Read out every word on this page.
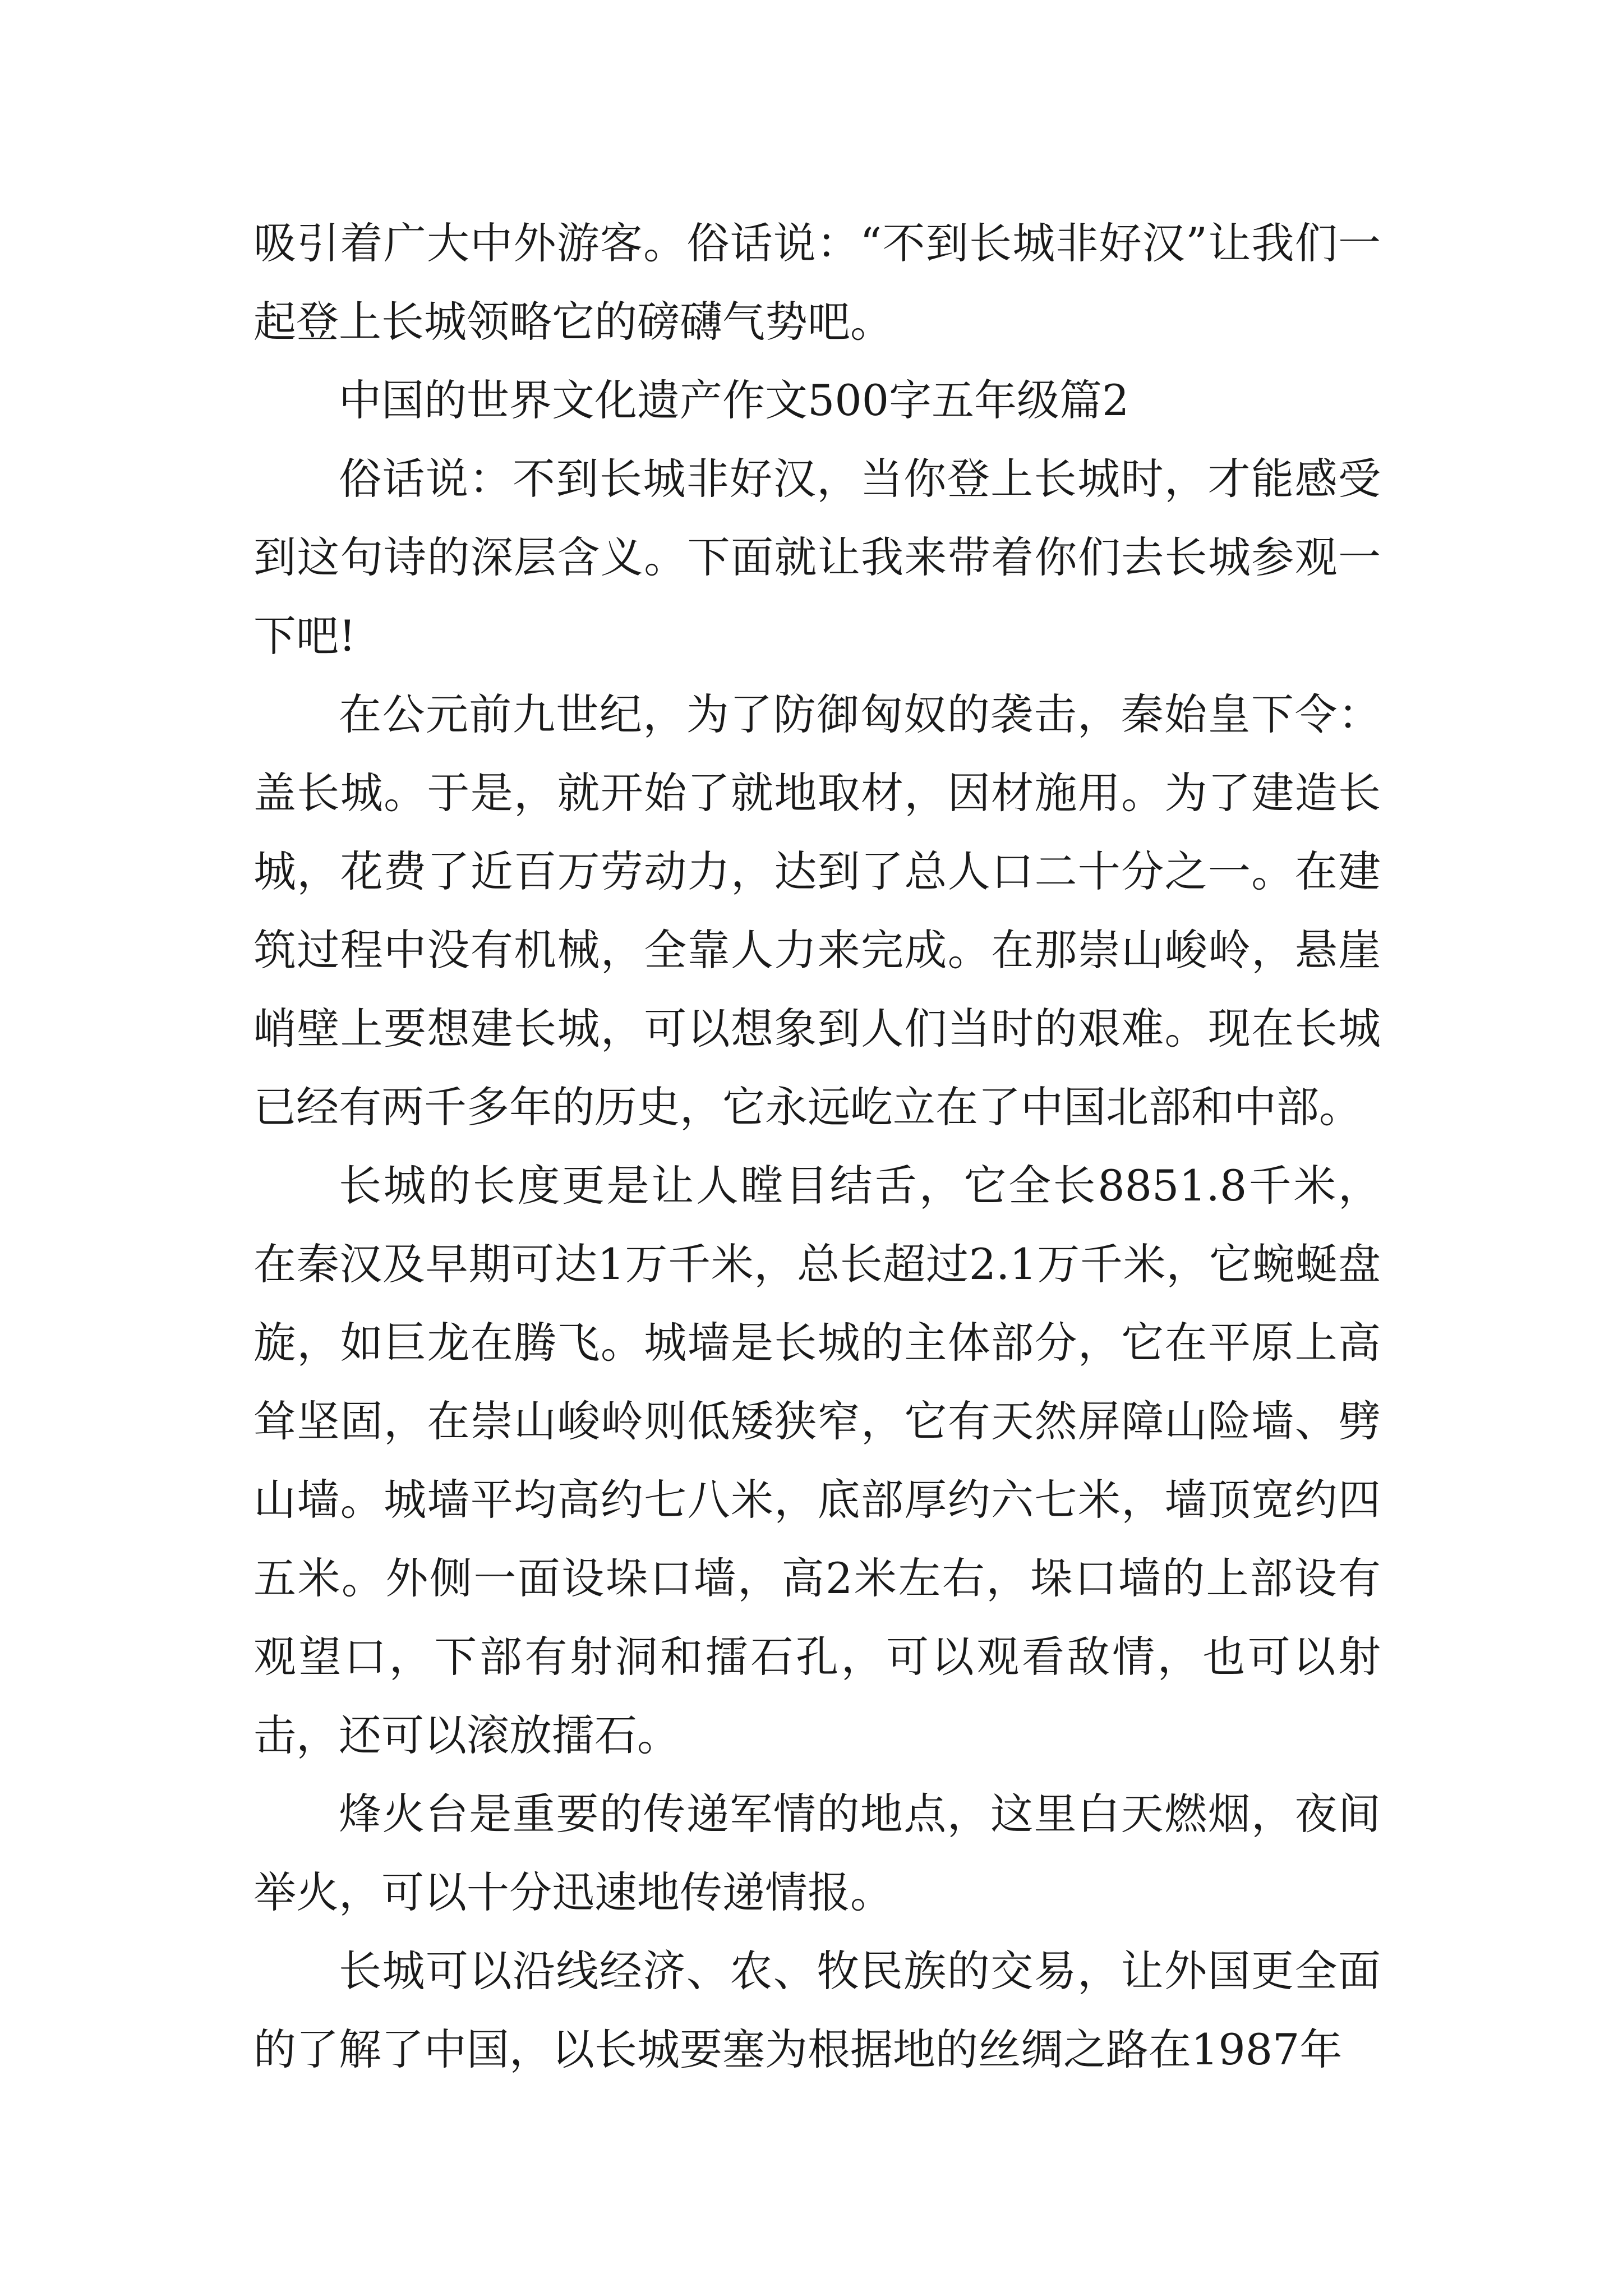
吸引着广大中外游客。俗话说：“不到长城非好汉”让我们一起登上长城领略它的磅礴气势吧。

中国的世界文化遗产作文500字五年级篇2

俗话说：不到长城非好汉，当你登上长城时，才能感受到这句诗的深层含义。下面就让我来带着你们去长城参观一下吧!

在公元前九世纪，为了防御匈奴的袭击，秦始皇下令：盖长城。于是，就开始了就地取材，因材施用。为了建造长城，花费了近百万劳动力，达到了总人口二十分之一。在建筑过程中没有机械，全靠人力来完成。在那崇山峻岭，悬崖峭壁上要想建长城，可以想象到人们当时的艰难。现在长城已经有两千多年的历史，它永远屹立在了中国北部和中部。

长城的长度更是让人瞠目结舌，它全长8851.8千米，在秦汉及早期可达1万千米，总长超过2.1万千米，它蜿蜒盘旋，如巨龙在腾飞。城墙是长城的主体部分，它在平原上高耸坚固，在崇山峻岭则低矮狭窄，它有天然屏障山险墙、劈山墙。城墙平均高约七八米，底部厚约六七米，墙顶宽约四五米。外侧一面设垛口墙，高2米左右，垛口墙的上部设有观望口，下部有射洞和擂石孔，可以观看敌情，也可以射击，还可以滚放擂石。

烽火台是重要的传递军情的地点，这里白天燃烟，夜间举火，可以十分迅速地传递情报。

长城可以沿线经济、农、牧民族的交易，让外国更全面的了解了中国，以长城要塞为根据地的丝绸之路在1987年
